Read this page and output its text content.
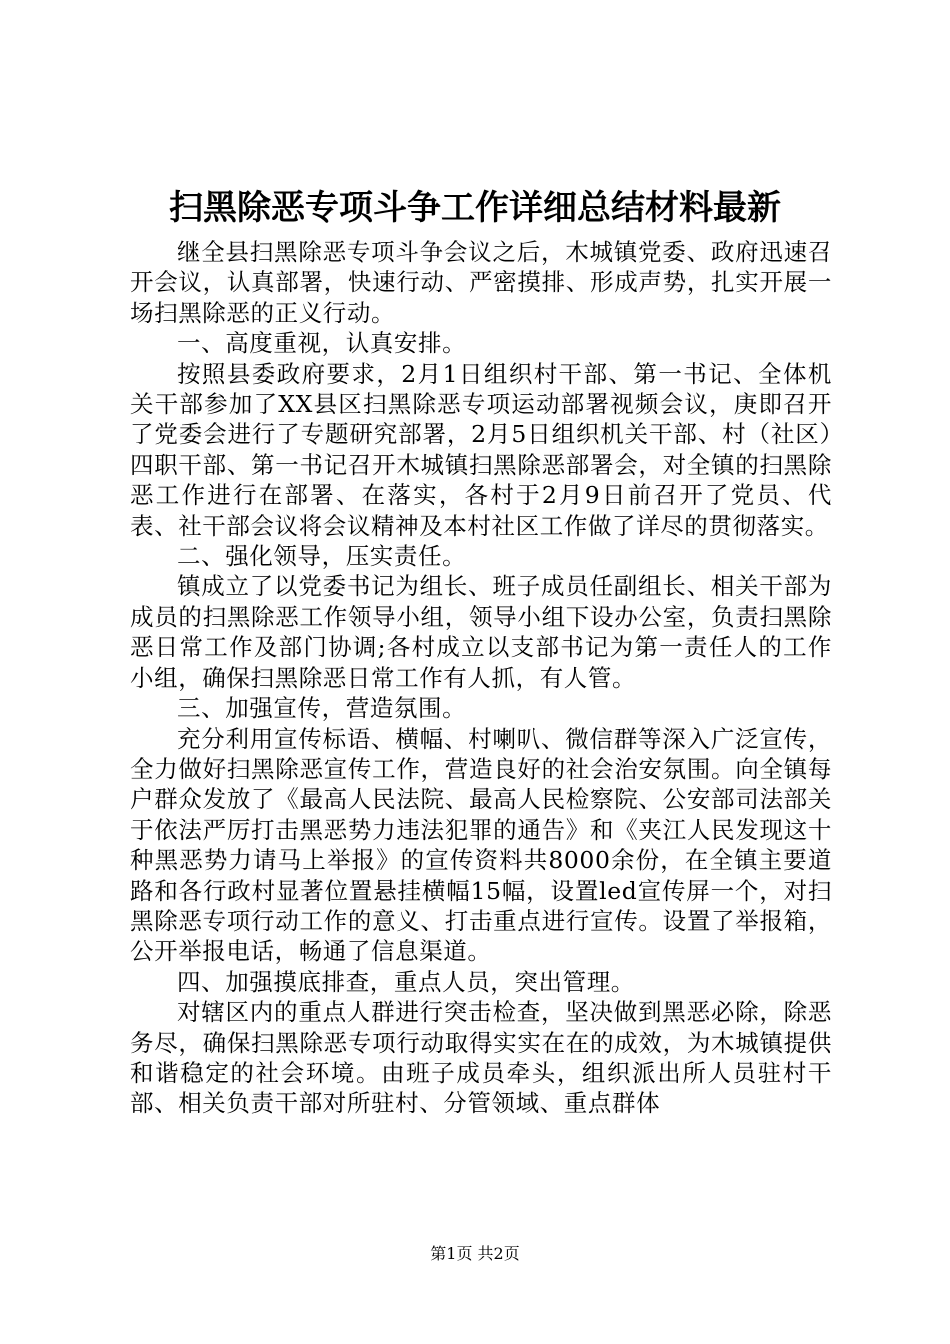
扫黑除恶专项斗争工作详细总结材料最新

继全县扫黑除恶专项斗争会议之后，木城镇党委、政府迅速召开会议，认真部署，快速行动、严密摸排、形成声势，扎实开展一场扫黑除恶的正义行动。

一、高度重视，认真安排。

按照县委政府要求，2月1日组织村干部、第一书记、全体机关干部参加了XX县区扫黑除恶专项运动部署视频会议，庚即召开了党委会进行了专题研究部署，2月5日组织机关干部、村（社区）四职干部、第一书记召开木城镇扫黑除恶部署会，对全镇的扫黑除恶工作进行在部署、在落实，各村于2月9日前召开了党员、代表、社干部会议将会议精神及本村社区工作做了详尽的贯彻落实。

二、强化领导，压实责任。

镇成立了以党委书记为组长、班子成员任副组长、相关干部为成员的扫黑除恶工作领导小组，领导小组下设办公室，负责扫黑除恶日常工作及部门协调;各村成立以支部书记为第一责任人的工作小组，确保扫黑除恶日常工作有人抓，有人管。

三、加强宣传，营造氛围。

充分利用宣传标语、横幅、村喇叭、微信群等深入广泛宣传，全力做好扫黑除恶宣传工作，营造良好的社会治安氛围。向全镇每户群众发放了《最高人民法院、最高人民检察院、公安部司法部关于依法严厉打击黑恶势力违法犯罪的通告》和《夹江人民发现这十种黑恶势力请马上举报》的宣传资料共8000余份，在全镇主要道路和各行政村显著位置悬挂横幅15幅，设置led宣传屏一个，对扫黑除恶专项行动工作的意义、打击重点进行宣传。设置了举报箱，公开举报电话，畅通了信息渠道。

四、加强摸底排查，重点人员，突出管理。

对辖区内的重点人群进行突击检查，坚决做到黑恶必除，除恶务尽，确保扫黑除恶专项行动取得实实在在的成效，为木城镇提供和谐稳定的社会环境。由班子成员牵头，组织派出所人员驻村干部、相关负责干部对所驻村、分管领域、重点群体

第1页 共2页
